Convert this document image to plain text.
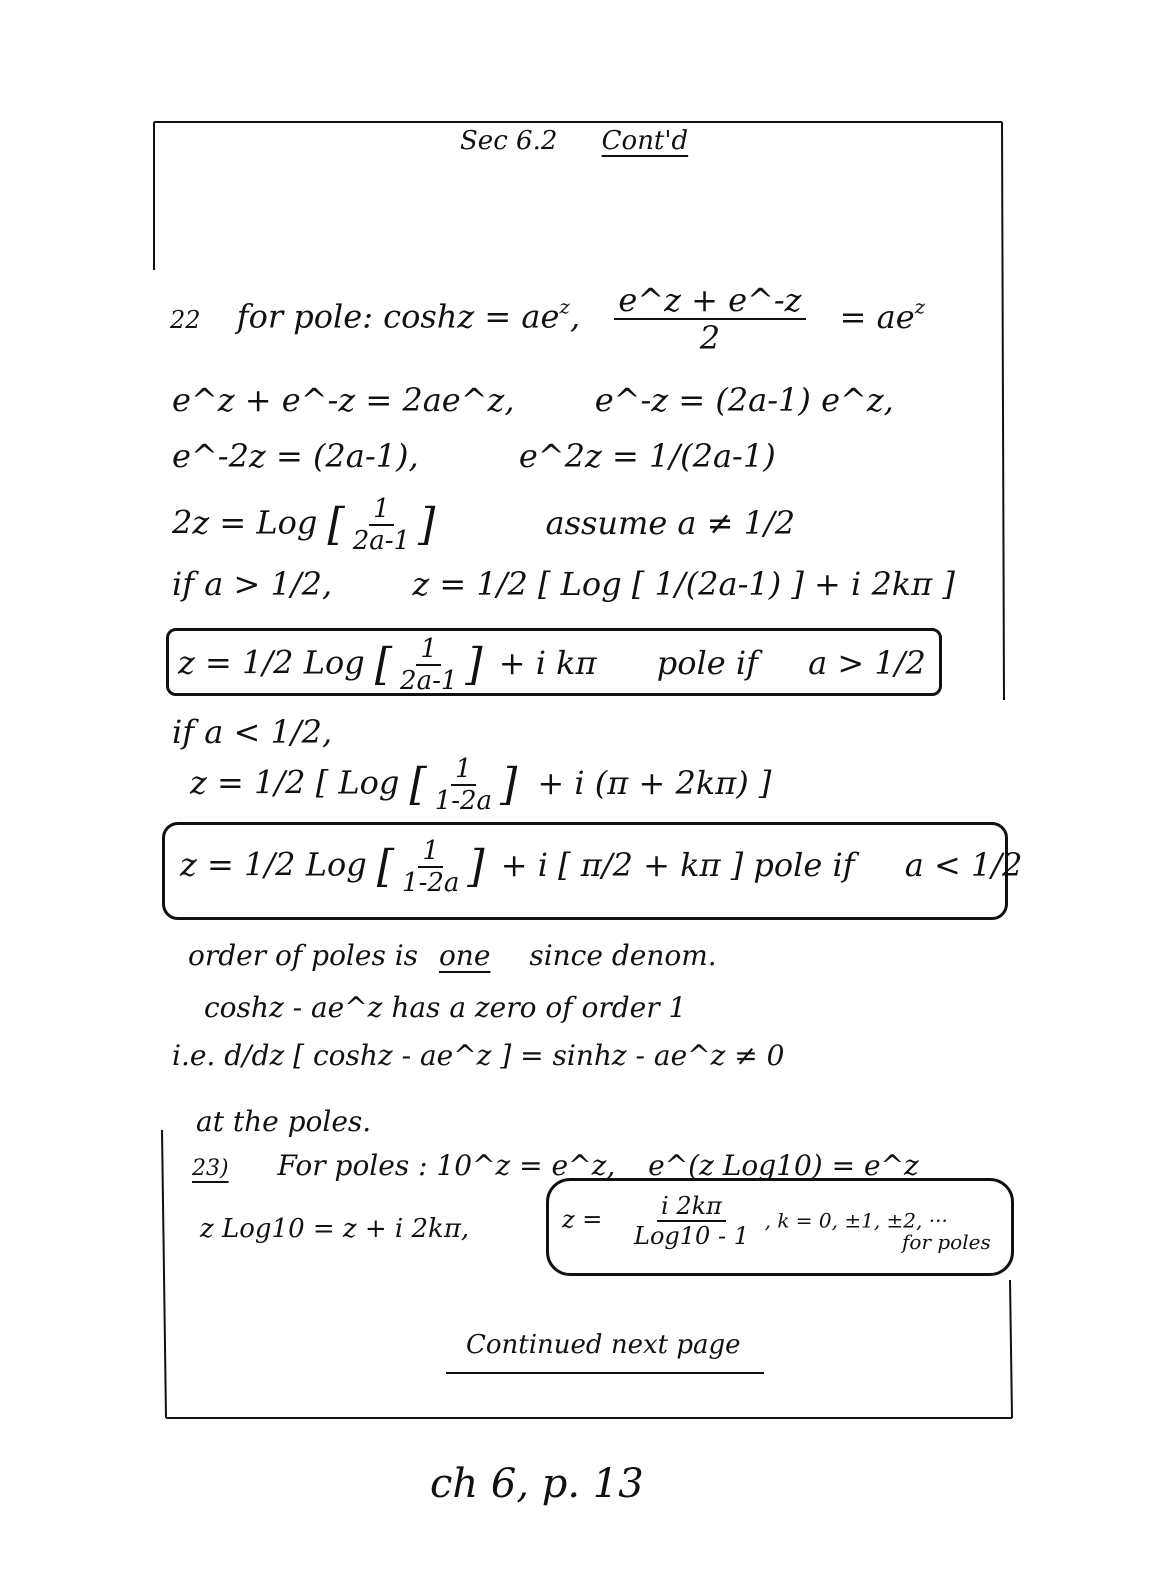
Sec 6.2 Cont'd
22 for pole: $\cosh z = ae^z$, $\frac{e\^{}z + e\^{}-z}{2} = ae^z$
e^z + e^-z = 2ae^z,	e^-z = (2a-1) e^z,
e^-2z = (2a-1),	e^2z = 1/(2a-1)
2z = Log [ $\frac{1}{2a-1}$ ]	assume a ≠ 1/2
if a > 1/2,	z = 1/2 [ Log [ 1/(2a-1) ] + i 2kπ ]
z = 1/2 Log [ $\frac{1}{2a-1}$ ] + i kπ pole if a > 1/2
if a < 1/2,
z = 1/2 [ Log [ $\frac{1}{1-2a}$ ] + i (π + 2kπ) ]
z = 1/2 Log [ $\frac{1}{1-2a}$ ] + i [ π/2 + kπ ] pole if a < 1/2
order of poles is one since denom.
coshz - ae^z has a zero of order 1
i.e. d/dz [ coshz - ae^z ] = sinhz - ae^z ≠ 0
at the poles.
23) For poles : 10^z = e^z, e^(z Log10) = e^z
z Log10 = z + i 2kπ,	$z = \frac{i 2k\pi}{\text{Log10 - 1}}$ , k = 0, ±1, ±2, ···
for poles
Continued next page
ch 6, p. 13
